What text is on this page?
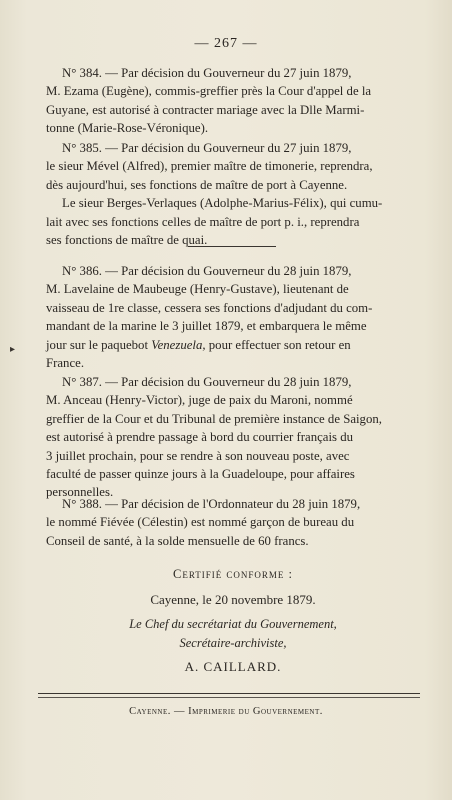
— 267 —

N° 384. — Par décision du Gouverneur du 27 juin 1879,

M. Ezama (Eugène), commis-greffier près la Cour d'appel de la

Guyane, est autorisé à contracter mariage avec la Dlle Marmi-

tonne (Marie-Rose-Véronique).

N° 385. — Par décision du Gouverneur du 27 juin 1879,

le sieur Mével (Alfred), premier maître de timonerie, reprendra,

dès aujourd'hui, ses fonctions de maître de port à Cayenne.

Le sieur Berges-Verlaques (Adolphe-Marius-Félix), qui cumu-

lait avec ses fonctions celles de maître de port p. i., reprendra

ses fonctions de maître de quai.

N° 386. — Par décision du Gouverneur du 28 juin 1879,

M. Lavelaine de Maubeuge (Henry-Gustave), lieutenant de

vaisseau de 1re classe, cessera ses fonctions d'adjudant du com-

mandant de la marine le 3 juillet 1879, et embarquera le même

jour sur le paquebot Venezuela, pour effectuer son retour en

France.

N° 387. — Par décision du Gouverneur du 28 juin 1879,

M. Anceau (Henry-Victor), juge de paix du Maroni, nommé

greffier de la Cour et du Tribunal de première instance de Saigon,

est autorisé à prendre passage à bord du courrier français du

3 juillet prochain, pour se rendre à son nouveau poste, avec

faculté de passer quinze jours à la Guadeloupe, pour affaires

personnelles.

N° 388. — Par décision de l'Ordonnateur du 28 juin 1879,

le nommé Fiévée (Célestin) est nommé garçon de bureau du

Conseil de santé, à la solde mensuelle de 60 francs.

Certifié conforme :
Cayenne, le 20 novembre 1879.
Le Chef du secrétariat du Gouvernement,
Secrétaire-archiviste,
A. CAILLARD.
Cayenne. — Imprimerie du Gouvernement.
▸
